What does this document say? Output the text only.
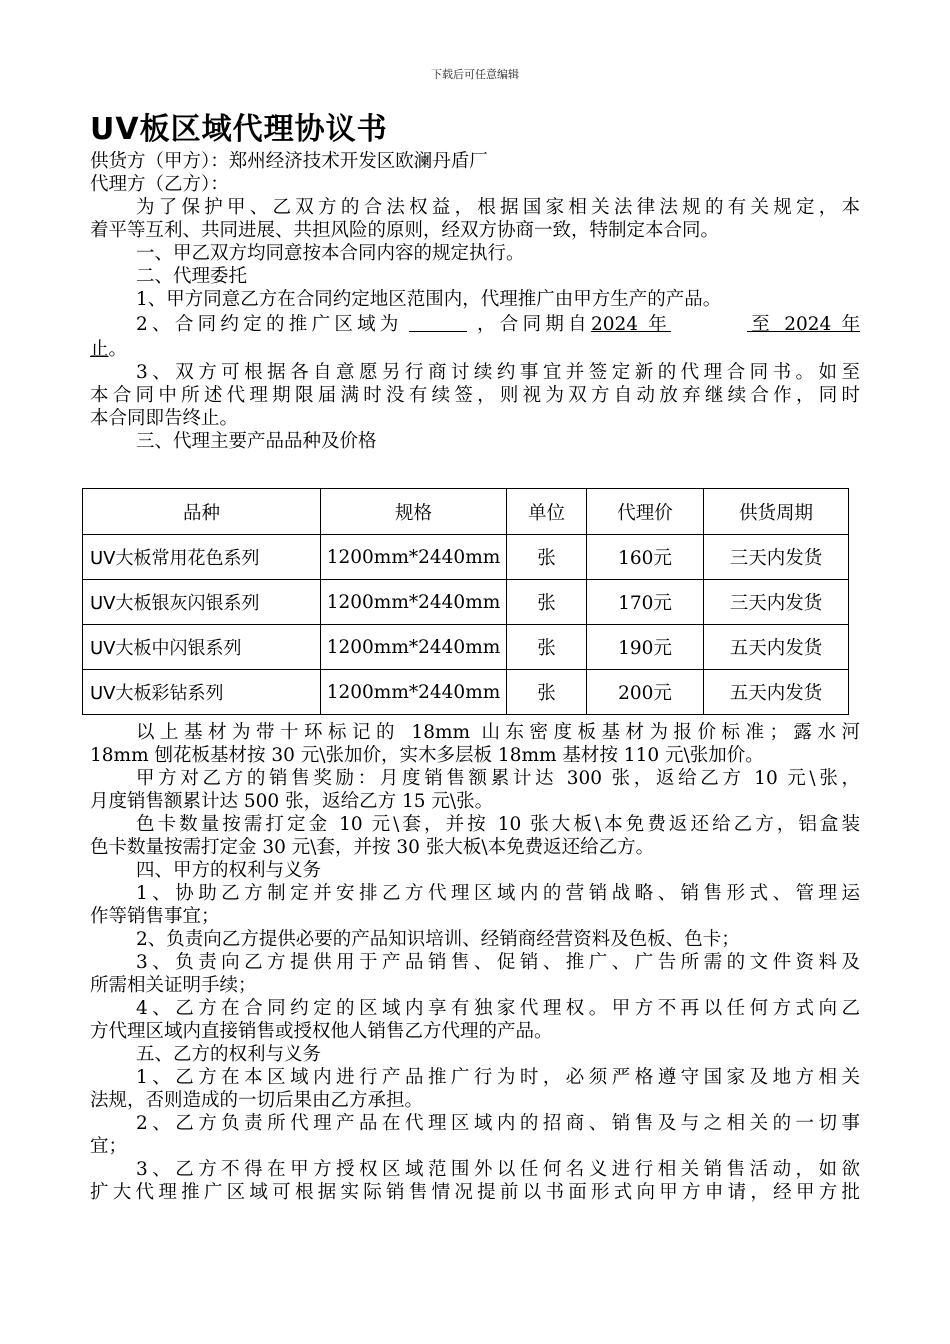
下载后可任意编辑
UV板区域代理协议书
供货方（甲方）：郑州经济技术开发区欧澜丹盾厂
代理方（乙方）：
为了保护甲、乙双方的合法权益，根据国家相关法律法规的有关规定，本
着平等互利、共同进展、共担风险的原则，经双方协商一致，特制定本合同。
一、甲乙双方均同意按本合同内容的规定执行。
二、代理委托
1、甲方同意乙方在合同约定地区范围内，代理推广由甲方生产的产品。
2、合同约定的推广区域为	，合同期自2024 年	至 2024 年
止。
3、双方可根据各自意愿另行商讨续约事宜并签定新的代理合同书。如至
本合同中所述代理期限届满时没有续签，则视为双方自动放弃继续合作，同时
本合同即告终止。
三、代理主要产品品种及价格
品种	规格	单位	代理价	供货周期
UV大板常用花色系列	1200mm*2440mm	张	160元	三天内发货
UV大板银灰闪银系列	1200mm*2440mm	张	170元	三天内发货
UV大板中闪银系列	1200mm*2440mm	张	190元	五天内发货
UV大板彩钻系列	1200mm*2440mm	张	200元	五天内发货
以上基材为带十环标记的 18mm 山东密度板基材为报价标准；露水河
18mm 刨花板基材按 30 元\张加价，实木多层板 18mm 基材按 110 元\张加价。
甲方对乙方的销售奖励：月度销售额累计达 300 张，返给乙方 10 元\张，
月度销售额累计达 500 张，返给乙方 15 元\张。
色卡数量按需打定金 10 元\套，并按 10 张大板\本免费返还给乙方，铝盒装
色卡数量按需打定金 30 元\套，并按 30 张大板\本免费返还给乙方。
四、甲方的权利与义务
1、协助乙方制定并安排乙方代理区域内的营销战略、销售形式、管理运
作等销售事宜；
2、负责向乙方提供必要的产品知识培训、经销商经营资料及色板、色卡；
3、负责向乙方提供用于产品销售、促销、推广、广告所需的文件资料及
所需相关证明手续；
4、乙方在合同约定的区域内享有独家代理权。甲方不再以任何方式向乙
方代理区域内直接销售或授权他人销售乙方代理的产品。
五、乙方的权利与义务
1、乙方在本区域内进行产品推广行为时，必须严格遵守国家及地方相关
法规，否则造成的一切后果由乙方承担。
2、乙方负责所代理产品在代理区域内的招商、销售及与之相关的一切事
宜；
3、乙方不得在甲方授权区域范围外以任何名义进行相关销售活动，如欲
扩大代理推广区域可根据实际销售情况提前以书面形式向甲方申请，经甲方批
